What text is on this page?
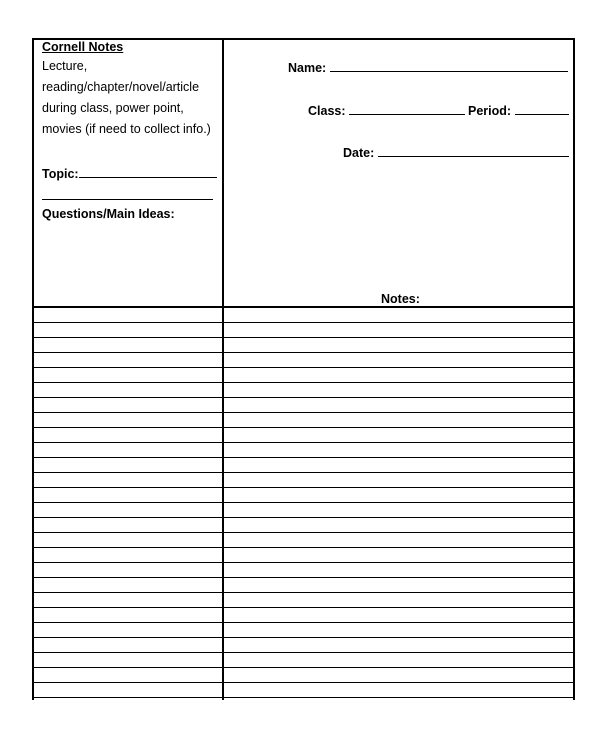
Cornell Notes
Lecture,
reading/chapter/novel/article
during class, power point,
movies (if need to collect info.)
Topic:
Questions/Main Ideas:
Name:
Class:	Period:
Date:
Notes:
